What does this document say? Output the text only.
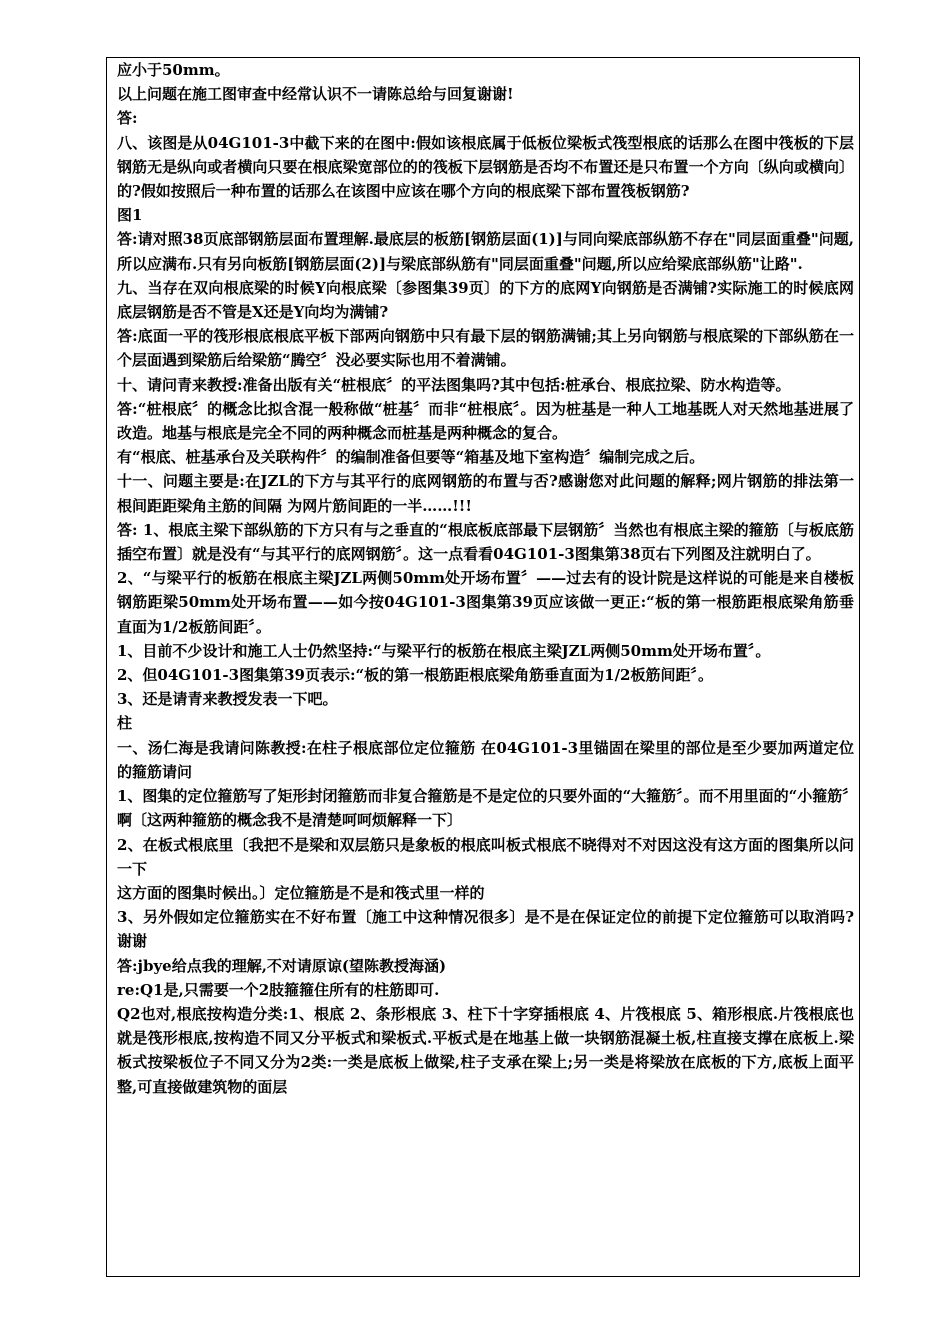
应小于50mm。

以上问题在施工图审查中经常认识不一请陈总给与回复谢谢!

答:

八、该图是从04G101-3中截下来的在图中:假如该根底属于低板位梁板式筏型根底的话那么在图中筏板的下层钢筋无是纵向或者横向只要在根底梁宽部位的的筏板下层钢筋是否均不布置还是只布置一个方向〔纵向或横向〕的?假如按照后一种布置的话那么在该图中应该在哪个方向的根底梁下部布置筏板钢筋?

图1

答:请对照38页底部钢筋层面布置理解.最底层的板筋[钢筋层面(1)]与同向梁底部纵筋不存在"同层面重叠"问题,所以应满布.只有另向板筋[钢筋层面(2)]与梁底部纵筋有"同层面重叠"问题,所以应给梁底部纵筋"让路".

九、当存在双向根底梁的时候Y向根底梁〔参图集39页〕的下方的底网Y向钢筋是否满铺?实际施工的时候底网底层钢筋是否不管是X还是Y向均为满铺?

答:底面一平的筏形根底根底平板下部两向钢筋中只有最下层的钢筋满铺;其上另向钢筋与根底梁的下部纵筋在一个层面遇到梁筋后给梁筋“腾空〞没必要实际也用不着满铺。

十、请问青来教授:准备出版有关“桩根底〞的平法图集吗?其中包括:桩承台、根底拉梁、防水构造等。

答:“桩根底〞的概念比拟含混一般称做“桩基〞而非“桩根底〞。因为桩基是一种人工地基既人对天然地基进展了改造。地基与根底是完全不同的两种概念而桩基是两种概念的复合。

有“根底、桩基承台及关联构件〞的编制准备但要等“箱基及地下室构造〞编制完成之后。

十一、问题主要是:在JZL的下方与其平行的底网钢筋的布置与否?感谢您对此问题的解释;网片钢筋的排法第一根间距距梁角主筋的间隔 为网片筋间距的一半……!!!

答: 1、根底主梁下部纵筋的下方只有与之垂直的“根底板底部最下层钢筋〞当然也有根底主梁的箍筋〔与板底筋插空布置〕就是没有“与其平行的底网钢筋〞。这一点看看04G101-3图集第38页右下列图及注就明白了。

2、“与梁平行的板筋在根底主梁JZL两侧50mm处开场布置〞——过去有的设计院是这样说的可能是来自楼板钢筋距梁50mm处开场布置——如今按04G101-3图集第39页应该做一更正:“板的第一根筋距根底梁角筋垂直面为1/2板筋间距〞。

1、目前不少设计和施工人士仍然坚持:“与梁平行的板筋在根底主梁JZL两侧50mm处开场布置〞。

2、但04G101-3图集第39页表示:“板的第一根筋距根底梁角筋垂直面为1/2板筋间距〞。

3、还是请青来教授发表一下吧。

柱

一、汤仁海是我请问陈教授:在柱子根底部位定位箍筋 在04G101-3里锚固在梁里的部位是至少要加两道定位的箍筋请问

1、图集的定位箍筋写了矩形封闭箍筋而非复合箍筋是不是定位的只要外面的“大箍筋〞。而不用里面的“小箍筋〞

啊〔这两种箍筋的概念我不是清楚呵呵烦解释一下〕

2、在板式根底里〔我把不是梁和双层筋只是象板的根底叫板式根底不晓得对不对因这没有这方面的图集所以问一下

这方面的图集时候出。〕定位箍筋是不是和筏式里一样的

3、另外假如定位箍筋实在不好布置〔施工中这种情况很多〕是不是在保证定位的前提下定位箍筋可以取消吗?谢谢

答:jbye给点我的理解,不对请原谅(望陈教授海涵)

re:Q1是,只需要一个2肢箍箍住所有的柱筋即可.

Q2也对,根底按构造分类:1、根底 2、条形根底 3、柱下十字穿插根底 4、片筏根底 5、箱形根底.片筏根底也就是筏形根底,按构造不同又分平板式和梁板式.平板式是在地基上做一块钢筋混凝土板,柱直接支撑在底板上.梁板式按梁板位子不同又分为2类:一类是底板上做梁,柱子支承在梁上;另一类是将梁放在底板的下方,底板上面平整,可直接做建筑物的面层
